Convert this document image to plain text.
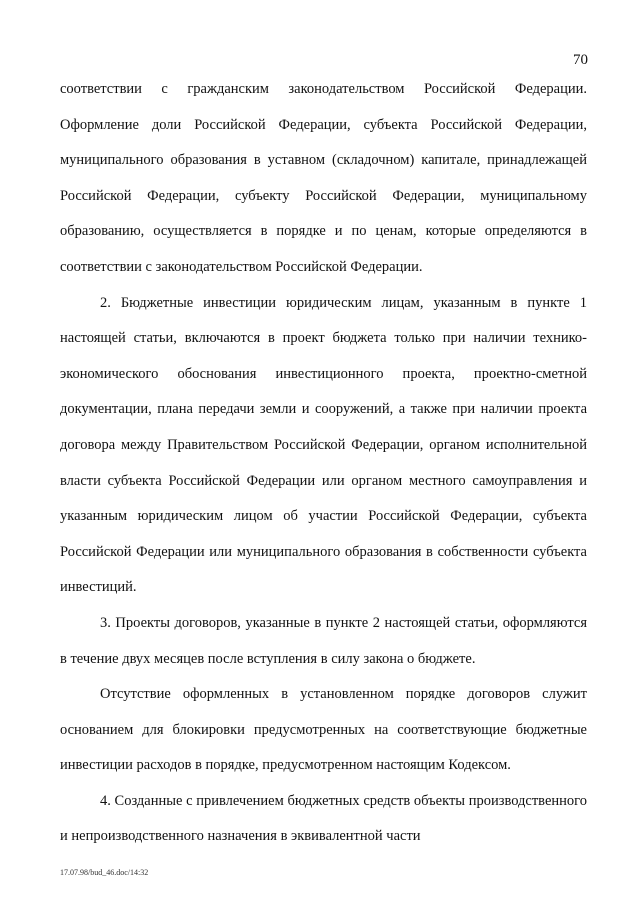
70

соответствии с гражданским законодательством Российской Федерации. Оформление доли Российской Федерации, субъекта Российской Федерации, муниципального образования в уставном (складочном) капитале, принадлежащей Российской Федерации, субъекту Российской Федерации, муниципальному образованию, осуществляется в порядке и по ценам, которые определяются в соответствии с законодательством Российской Федерации.

2. Бюджетные инвестиции юридическим лицам, указанным в пункте 1 настоящей статьи, включаются в проект бюджета только при наличии технико-экономического обоснования инвестиционного проекта, проектно-сметной документации, плана передачи земли и сооружений, а также при наличии проекта договора между Правительством Российской Федерации, органом исполнительной власти субъекта Российской Федерации или органом местного самоуправления и указанным юридическим лицом об участии Российской Федерации, субъекта Российской Федерации или муниципального образования в собственности субъекта инвестиций.

3. Проекты договоров, указанные в пункте 2 настоящей статьи, оформляются в течение двух месяцев после вступления в силу закона о бюджете.

Отсутствие оформленных в установленном порядке договоров служит основанием для блокировки предусмотренных на соответствующие бюджетные инвестиции расходов в порядке, предусмотренном настоящим Кодексом.

4. Созданные с привлечением бюджетных средств объекты производственного и непроизводственного назначения в эквивалентной части

17.07.98/bud_46.doc/14:32
